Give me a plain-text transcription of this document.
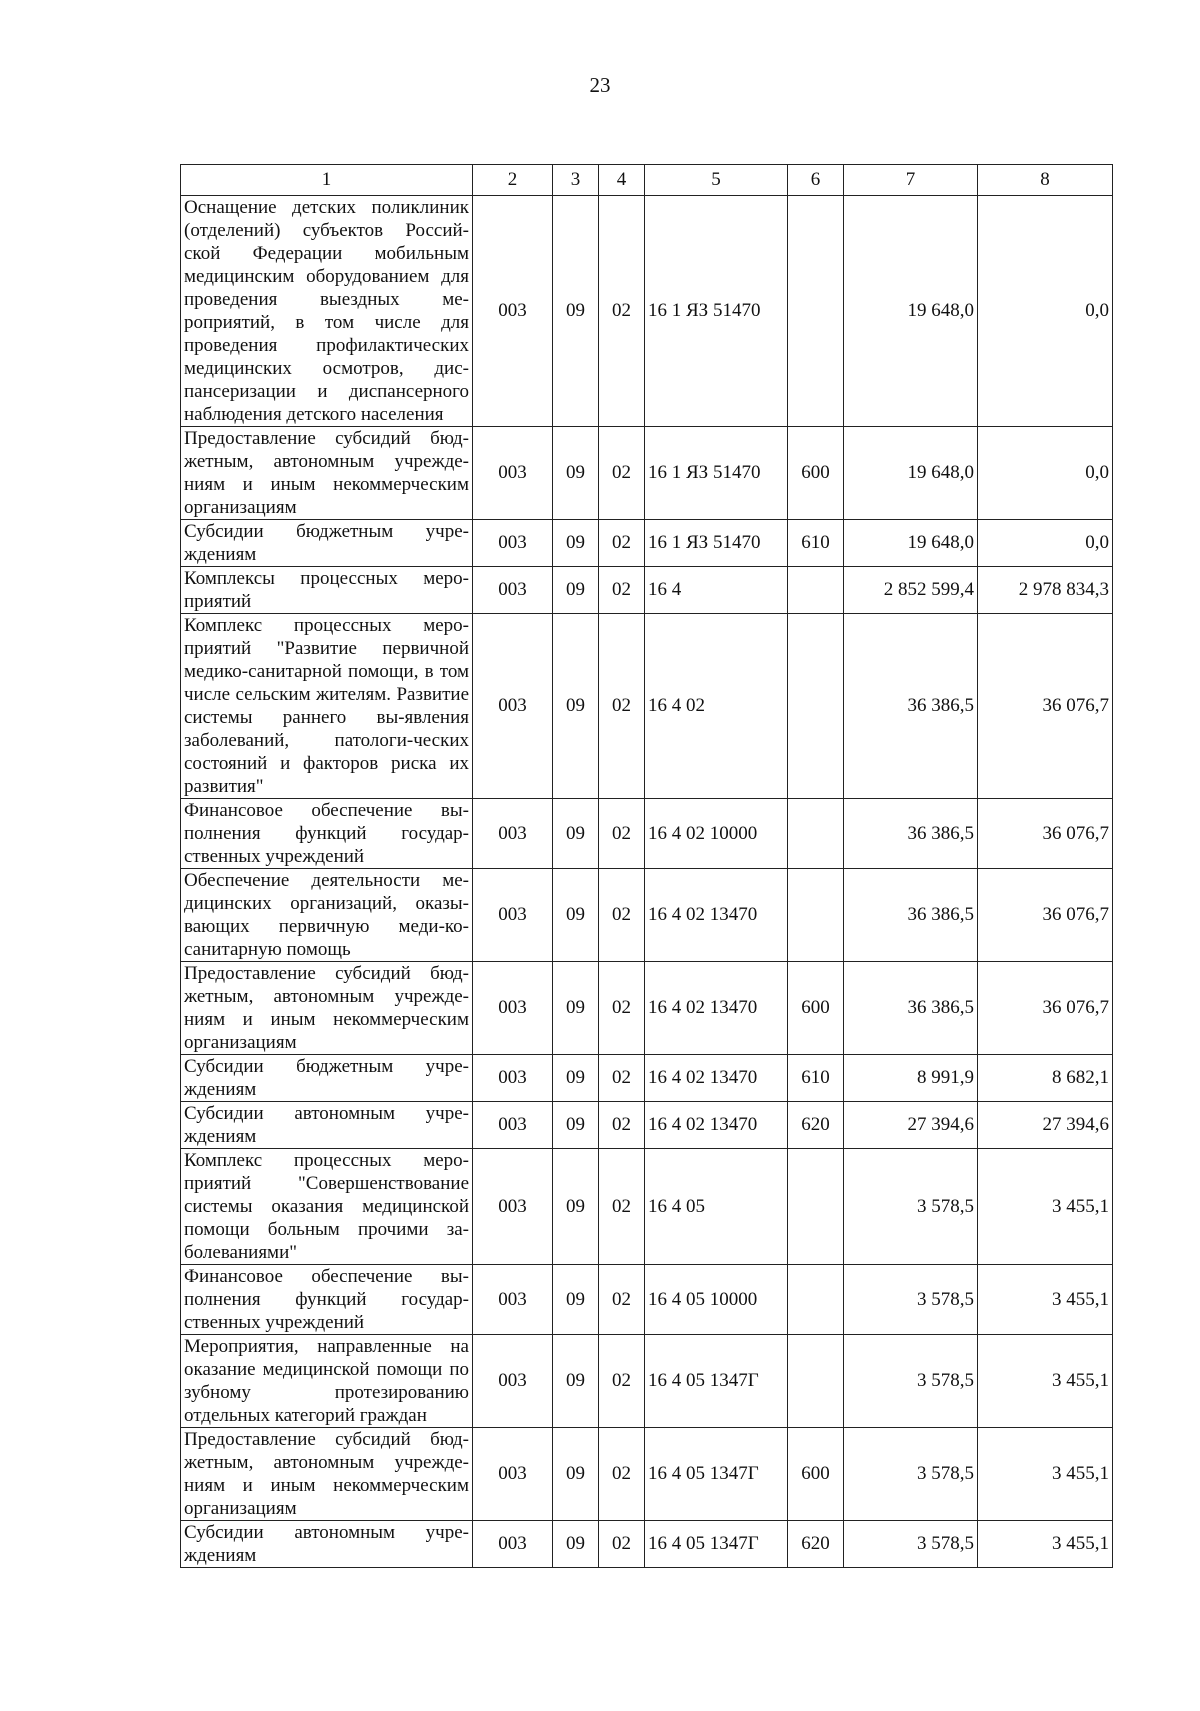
23
1	2	3	4	5	6	7	8
Оснащение детских поликлиник (отделений) субъектов Россий-ской Федерации мобильным медицинским оборудованием для проведения выездных ме-роприятий, в том числе для проведения профилактических медицинских осмотров, дис-пансеризации и диспансерного наблюдения детского населения	003	09	02	16 1 ЯЗ 51470		19 648,0	0,0
Предоставление субсидий бюд-жетным, автономным учрежде-ниям и иным некоммерческим организациям	003	09	02	16 1 ЯЗ 51470	600	19 648,0	0,0
Субсидии бюджетным учре-ждениям	003	09	02	16 1 ЯЗ 51470	610	19 648,0	0,0
Комплексы процессных меро-приятий	003	09	02	16 4		2 852 599,4	2 978 834,3
Комплекс процессных меро-приятий "Развитие первичной медико-санитарной помощи, в том числе сельским жителям. Развитие системы раннего вы-явления заболеваний, патологи-ческих состояний и факторов риска их развития"	003	09	02	16 4 02		36 386,5	36 076,7
Финансовое обеспечение вы-полнения функций государ-ственных учреждений	003	09	02	16 4 02 10000		36 386,5	36 076,7
Обеспечение деятельности ме-дицинских организаций, оказы-вающих первичную меди-ко-санитарную помощь	003	09	02	16 4 02 13470		36 386,5	36 076,7
Предоставление субсидий бюд-жетным, автономным учрежде-ниям и иным некоммерческим организациям	003	09	02	16 4 02 13470	600	36 386,5	36 076,7
Субсидии бюджетным учре-ждениям	003	09	02	16 4 02 13470	610	8 991,9	8 682,1
Субсидии автономным учре-ждениям	003	09	02	16 4 02 13470	620	27 394,6	27 394,6
Комплекс процессных меро-приятий "Совершенствование системы оказания медицинской помощи больным прочими за-болеваниями"	003	09	02	16 4 05		3 578,5	3 455,1
Финансовое обеспечение вы-полнения функций государ-ственных учреждений	003	09	02	16 4 05 10000		3 578,5	3 455,1
Мероприятия, направленные на оказание медицинской помощи по зубному протезированию отдельных категорий граждан	003	09	02	16 4 05 1347Г		3 578,5	3 455,1
Предоставление субсидий бюд-жетным, автономным учрежде-ниям и иным некоммерческим организациям	003	09	02	16 4 05 1347Г	600	3 578,5	3 455,1
Субсидии автономным учре-ждениям	003	09	02	16 4 05 1347Г	620	3 578,5	3 455,1
